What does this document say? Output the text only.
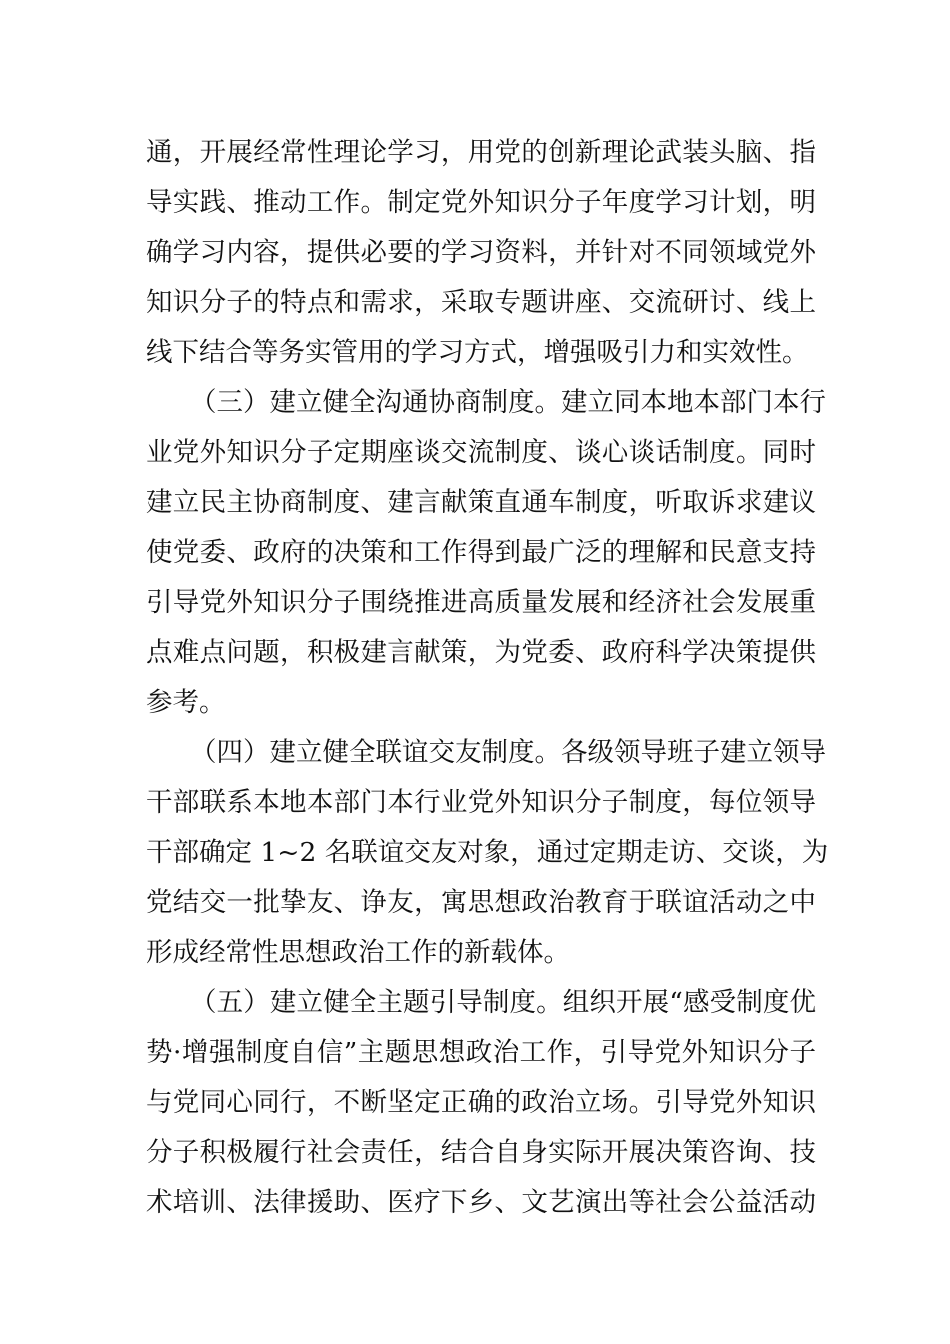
通，开展经常性理论学习，用党的创新理论武装头脑、指
导实践、推动工作。制定党外知识分子年度学习计划，明
确学习内容，提供必要的学习资料，并针对不同领域党外
知识分子的特点和需求，采取专题讲座、交流研讨、线上
线下结合等务实管用的学习方式，增强吸引力和实效性。
（三）建立健全沟通协商制度。建立同本地本部门本行
业党外知识分子定期座谈交流制度、谈心谈话制度。同时
建立民主协商制度、建言献策直通车制度，听取诉求建议
使党委、政府的决策和工作得到最广泛的理解和民意支持
引导党外知识分子围绕推进高质量发展和经济社会发展重
点难点问题，积极建言献策，为党委、政府科学决策提供
参考。
（四）建立健全联谊交友制度。各级领导班子建立领导
干部联系本地本部门本行业党外知识分子制度，每位领导
干部确定 1~2 名联谊交友对象，通过定期走访、交谈，为
党结交一批挚友、诤友，寓思想政治教育于联谊活动之中
形成经常性思想政治工作的新载体。
（五）建立健全主题引导制度。组织开展“感受制度优
势·增强制度自信”主题思想政治工作，引导党外知识分子
与党同心同行，不断坚定正确的政治立场。引导党外知识
分子积极履行社会责任，结合自身实际开展决策咨询、技
术培训、法律援助、医疗下乡、文艺演出等社会公益活动
